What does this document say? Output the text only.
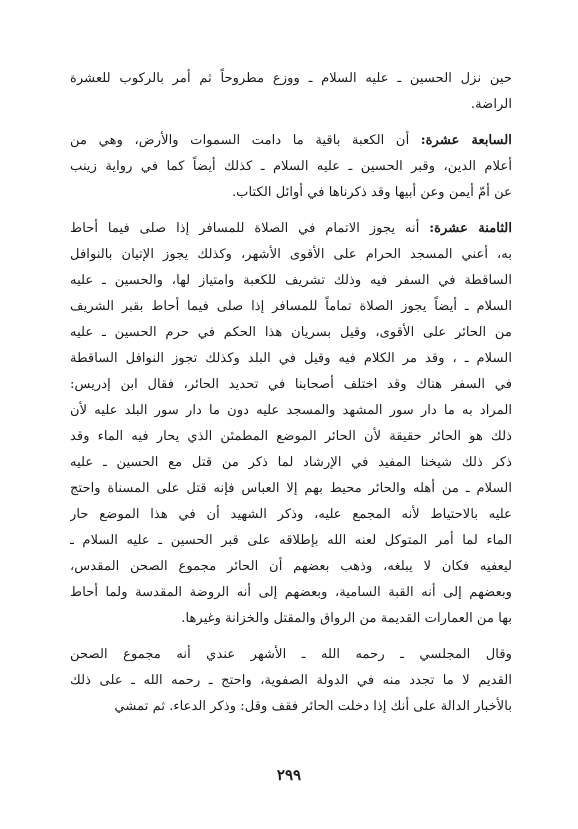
حين نزل الحسين ـ عليه السلام ـ ووزع مطروحاً ثم أمر بالركوب للعشرة
الراضة.
السابعة عشرة: أن الكعبة باقية ما دامت السموات والأرض، وهي من
أعلام الدين، وقبر الحسين ـ عليه السلام ـ كذلك أيضاً كما في رواية زينب
عن أمّ أيمن وعن أبيها وقد ذكرناها في أوائل الكتاب.
الثامنة عشرة: أنه يجوز الاتمام في الصلاة للمسافر إذا صلى فيما أحاط
به، أعني المسجد الحرام على الأقوى الأشهر، وكذلك يجوز الإتيان بالنوافل
الساقطة في السفر فيه وذلك تشريف للكعبة وامتياز لها، والحسين ـ عليه
السلام ـ أيضاً يجوز الصلاة تماماً للمسافر إذا صلى فيما أحاط بقبر الشريف
من الحائر على الأقوى، وقيل بسريان هذا الحكم في حرم الحسين ـ عليه
السلام ـ ، وقد مر الكلام فيه وقيل في البلد وكذلك تجوز النوافل الساقطة
في السفر هناك وقد اختلف أصحابنا في تحديد الحائر، فقال ابن إدريس:
المراد به ما دار سور المشهد والمسجد عليه دون ما دار سور البلد عليه لأن
ذلك هو الحائر حقيقة لأن الحائر الموضع المطمئن الذي يحار فيه الماء وقد
ذكر ذلك شيخنا المفيد في الإرشاد لما ذكر من قتل مع الحسين ـ عليه
السلام ـ من أهله والحائر محيط بهم إلا العباس فإنه قتل على المسناة واحتج
عليه بالاحتياط لأنه المجمع عليه، وذكر الشهيد أن في هذا الموضع حار
الماء لما أمر المتوكل لعنه الله بإطلاقه على قبر الحسين ـ عليه السلام ـ
ليعفيه فكان لا يبلغه، وذهب بعضهم أن الحائر مجموع الصحن المقدس،
وبعضهم إلى أنه القبة السامية، وبعضهم إلى أنه الروضة المقدسة ولما أحاط
بها من العمارات القديمة من الرواق والمقتل والخزانة وغيرها.
وقال المجلسي ـ رحمه الله ـ الأشهر عندي أنه مجموع الصحن
القديم لا ما تجدد منه في الدولة الصفوية، واحتج ـ رحمه الله ـ على ذلك
بالأخبار الدالة على أنك إذا دخلت الحائر فقف وقل: وذكر الدعاء. ثم تمشي
٢٩٩
